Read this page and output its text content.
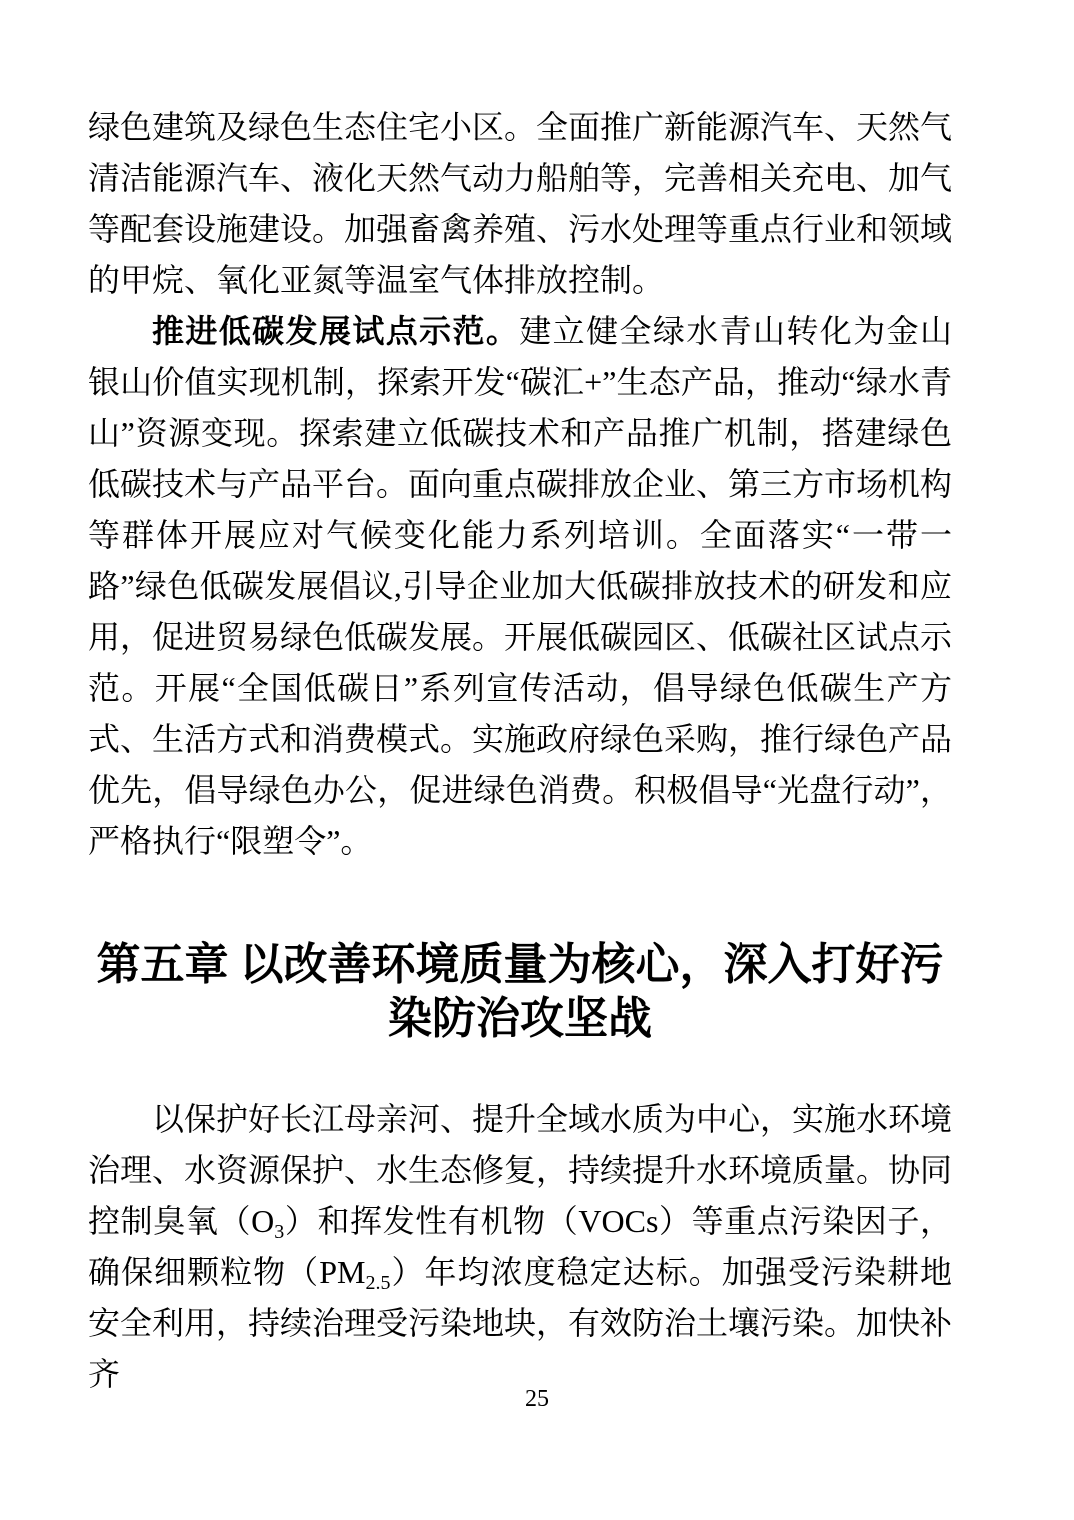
绿色建筑及绿色生态住宅小区。全面推广新能源汽车、天然气清洁能源汽车、液化天然气动力船舶等，完善相关充电、加气等配套设施建设。加强畜禽养殖、污水处理等重点行业和领域的甲烷、氧化亚氮等温室气体排放控制。

推进低碳发展试点示范。建立健全绿水青山转化为金山银山价值实现机制，探索开发“碳汇+”生态产品，推动“绿水青山”资源变现。探索建立低碳技术和产品推广机制，搭建绿色低碳技术与产品平台。面向重点碳排放企业、第三方市场机构等群体开展应对气候变化能力系列培训。全面落实“一带一路”绿色低碳发展倡议,引导企业加大低碳排放技术的研发和应用，促进贸易绿色低碳发展。开展低碳园区、低碳社区试点示范。开展“全国低碳日”系列宣传活动，倡导绿色低碳生产方式、生活方式和消费模式。实施政府绿色采购，推行绿色产品优先，倡导绿色办公，促进绿色消费。积极倡导“光盘行动”，严格执行“限塑令”。

第五章 以改善环境质量为核心，深入打好污染防治攻坚战

以保护好长江母亲河、提升全域水质为中心，实施水环境治理、水资源保护、水生态修复，持续提升水环境质量。协同控制臭氧（O3）和挥发性有机物（VOCs）等重点污染因子，确保细颗粒物（PM2.5）年均浓度稳定达标。加强受污染耕地安全利用，持续治理受污染地块，有效防治土壤污染。加快补齐

25
